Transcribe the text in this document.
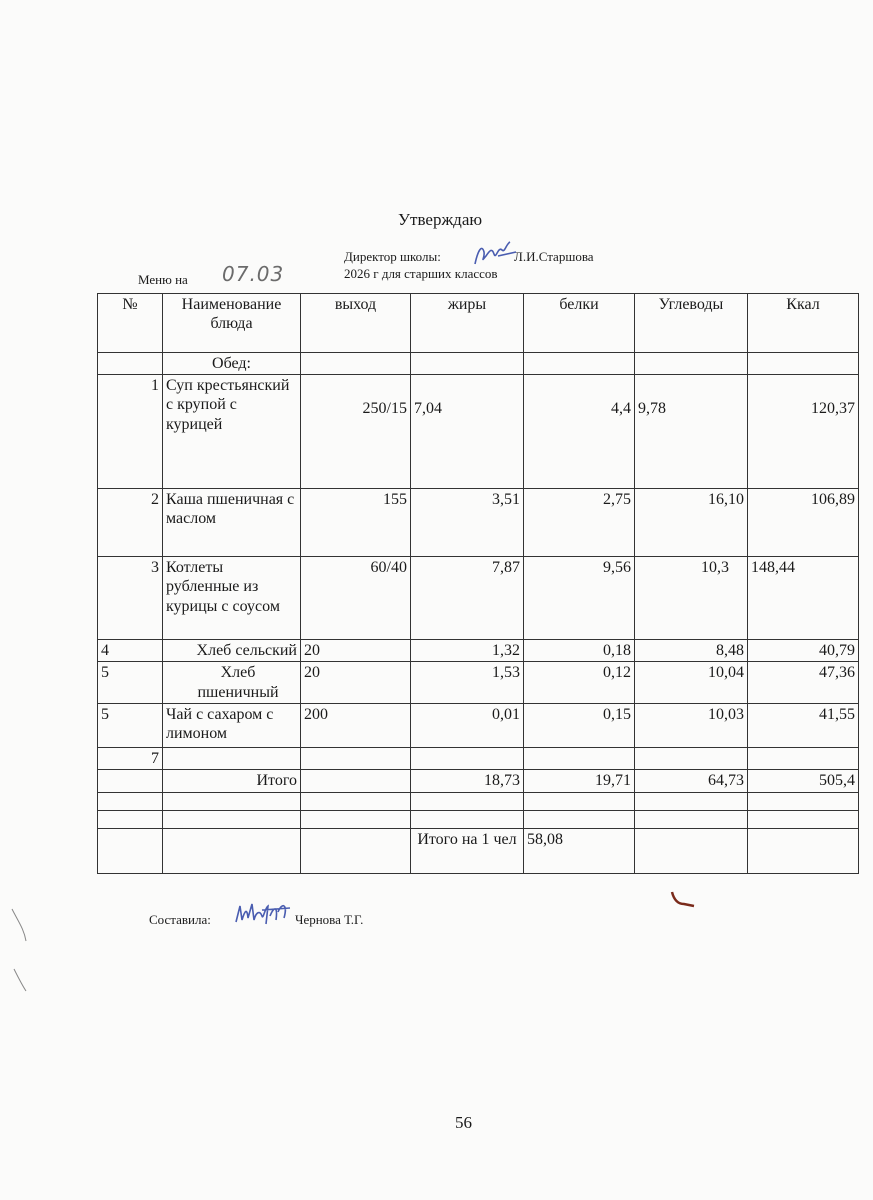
Утверждаю
Директор школы:	Л.И.Старшова
Меню на 07.03	2026 г для старших классов
№	Наименование блюда	выход	жиры	белки	Углеводы	Ккал
	Обед:					
1	Суп крестьянский с крупой с курицей	250/15	7,04	4,4	9,78	120,37
2	Каша пшеничная с маслом	155	3,51	2,75	16,10	106,89
3	Котлеты рубленные из курицы с соусом	60/40	7,87	9,56	10,3	148,44
4	Хлеб сельский	20	1,32	0,18	8,48	40,79
5	Хлеб пшеничный	20	1,53	0,12	10,04	47,36
5	Чай с сахаром с лимоном	200	0,01	0,15	10,03	41,55
7						
	Итого		18,73	19,71	64,73	505,4

			Итого на 1 чел	58,08		
Составила:	Чернова Т.Г.
56
